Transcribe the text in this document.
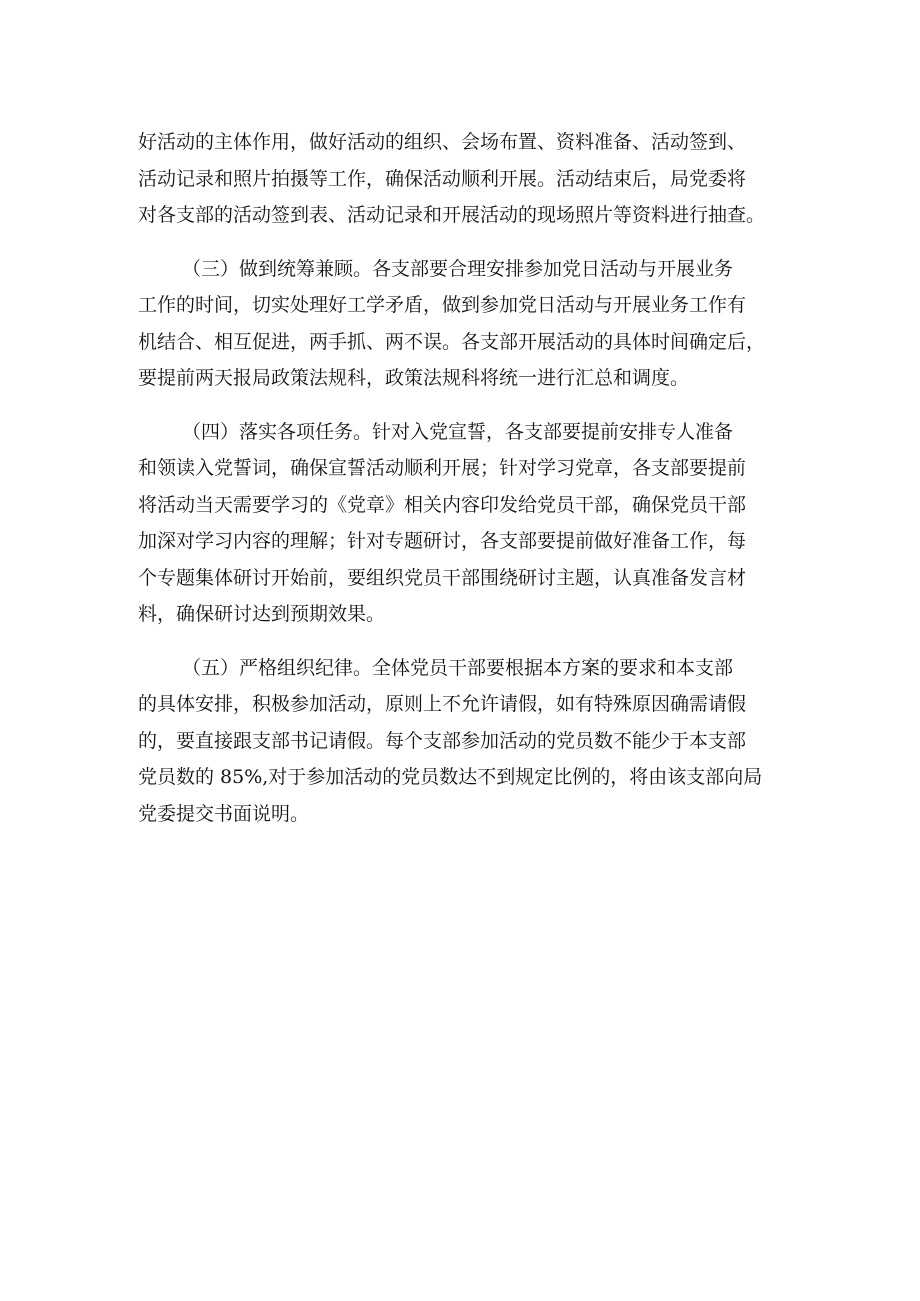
好活动的主体作用，做好活动的组织、会场布置、资料准备、活动签到、
活动记录和照片拍摄等工作，确保活动顺利开展。活动结束后，局党委将
对各支部的活动签到表、活动记录和开展活动的现场照片等资料进行抽查。
（三）做到统筹兼顾。各支部要合理安排参加党日活动与开展业务
工作的时间，切实处理好工学矛盾，做到参加党日活动与开展业务工作有
机结合、相互促进，两手抓、两不误。各支部开展活动的具体时间确定后，
要提前两天报局政策法规科，政策法规科将统一进行汇总和调度。
（四）落实各项任务。针对入党宣誓，各支部要提前安排专人准备
和领读入党誓词，确保宣誓活动顺利开展；针对学习党章，各支部要提前
将活动当天需要学习的《党章》相关内容印发给党员干部，确保党员干部
加深对学习内容的理解；针对专题研讨，各支部要提前做好准备工作，每
个专题集体研讨开始前，要组织党员干部围绕研讨主题，认真准备发言材
料，确保研讨达到预期效果。
（五）严格组织纪律。全体党员干部要根据本方案的要求和本支部
的具体安排，积极参加活动，原则上不允许请假，如有特殊原因确需请假
的，要直接跟支部书记请假。每个支部参加活动的党员数不能少于本支部
党员数的 85%,对于参加活动的党员数达不到规定比例的，将由该支部向局
党委提交书面说明。
